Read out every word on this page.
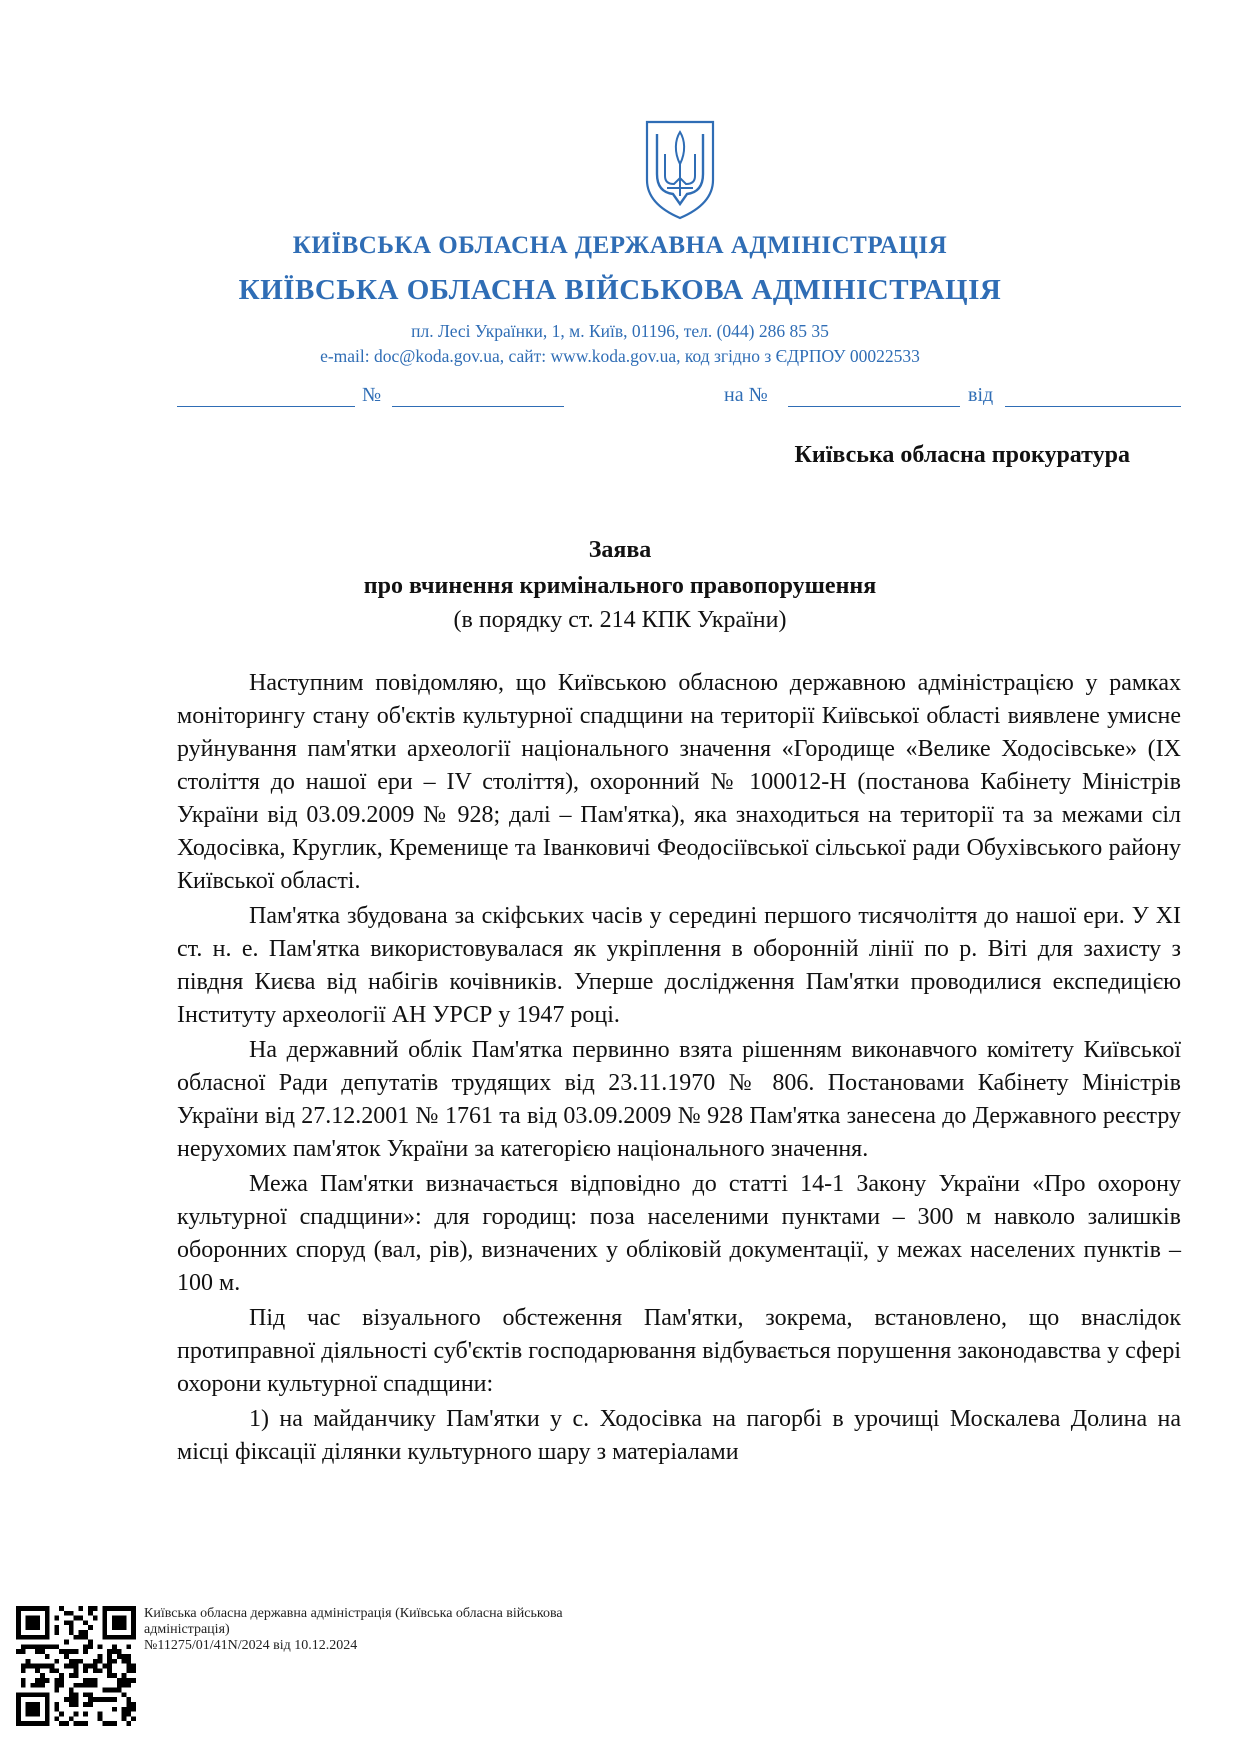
КИЇВСЬКА ОБЛАСНА ДЕРЖАВНА АДМІНІСТРАЦІЯ
КИЇВСЬКА ОБЛАСНА ВІЙСЬКОВА АДМІНІСТРАЦІЯ
пл. Лесі Українки, 1, м. Київ, 01196, тел. (044) 286 85 35
e-mail: doc@koda.gov.ua, сайт: www.koda.gov.ua, код згідно з ЄДРПОУ 00022533
№	на №	від
Київська обласна прокуратура
Заява
про вчинення кримінального правопорушення
(в порядку ст. 214 КПК України)

Наступним повідомляю, що Київською обласною державною адміністрацією у рамках моніторингу стану об'єктів культурної спадщини на території Київської області виявлене умисне руйнування пам'ятки археології національного значення «Городище «Велике Ходосівське» (ІХ століття до нашої ери – IV століття), охоронний № 100012-Н (постанова Кабінету Міністрів України від 03.09.2009 № 928; далі – Пам'ятка), яка знаходиться на території та за межами сіл Ходосівка, Круглик, Кременище та Іванковичі Феодосіївської сільської ради Обухівського району Київської області.

Пам'ятка збудована за скіфських часів у середині першого тисячоліття до нашої ери. У ХІ ст. н. е. Пам'ятка використовувалася як укріплення в оборонній лінії по р. Віті для захисту з півдня Києва від набігів кочівників. Уперше дослідження Пам'ятки проводилися експедицією Інституту археології АН УРСР у 1947 році.

На державний облік Пам'ятка первинно взята рішенням виконавчого комітету Київської обласної Ради депутатів трудящих від 23.11.1970 № 806. Постановами Кабінету Міністрів України від 27.12.2001 № 1761 та від 03.09.2009 № 928 Пам'ятка занесена до Державного реєстру нерухомих пам'яток України за категорією національного значення.

Межа Пам'ятки визначається відповідно до статті 14-1 Закону України «Про охорону культурної спадщини»: для городищ: поза населеними пунктами – 300 м навколо залишків оборонних споруд (вал, рів), визначених у обліковій документації, у межах населених пунктів – 100 м.

Під час візуального обстеження Пам'ятки, зокрема, встановлено, що внаслідок протиправної діяльності суб'єктів господарювання відбувається порушення законодавства у сфері охорони культурної спадщини:

1) на майданчику Пам'ятки у с. Ходосівка на пагорбі в урочищі Москалева Долина на місці фіксації ділянки культурного шару з матеріалами

Київська обласна державна адміністрація (Київська обласна військова адміністрація)
№11275/01/41N/2024 від 10.12.2024
